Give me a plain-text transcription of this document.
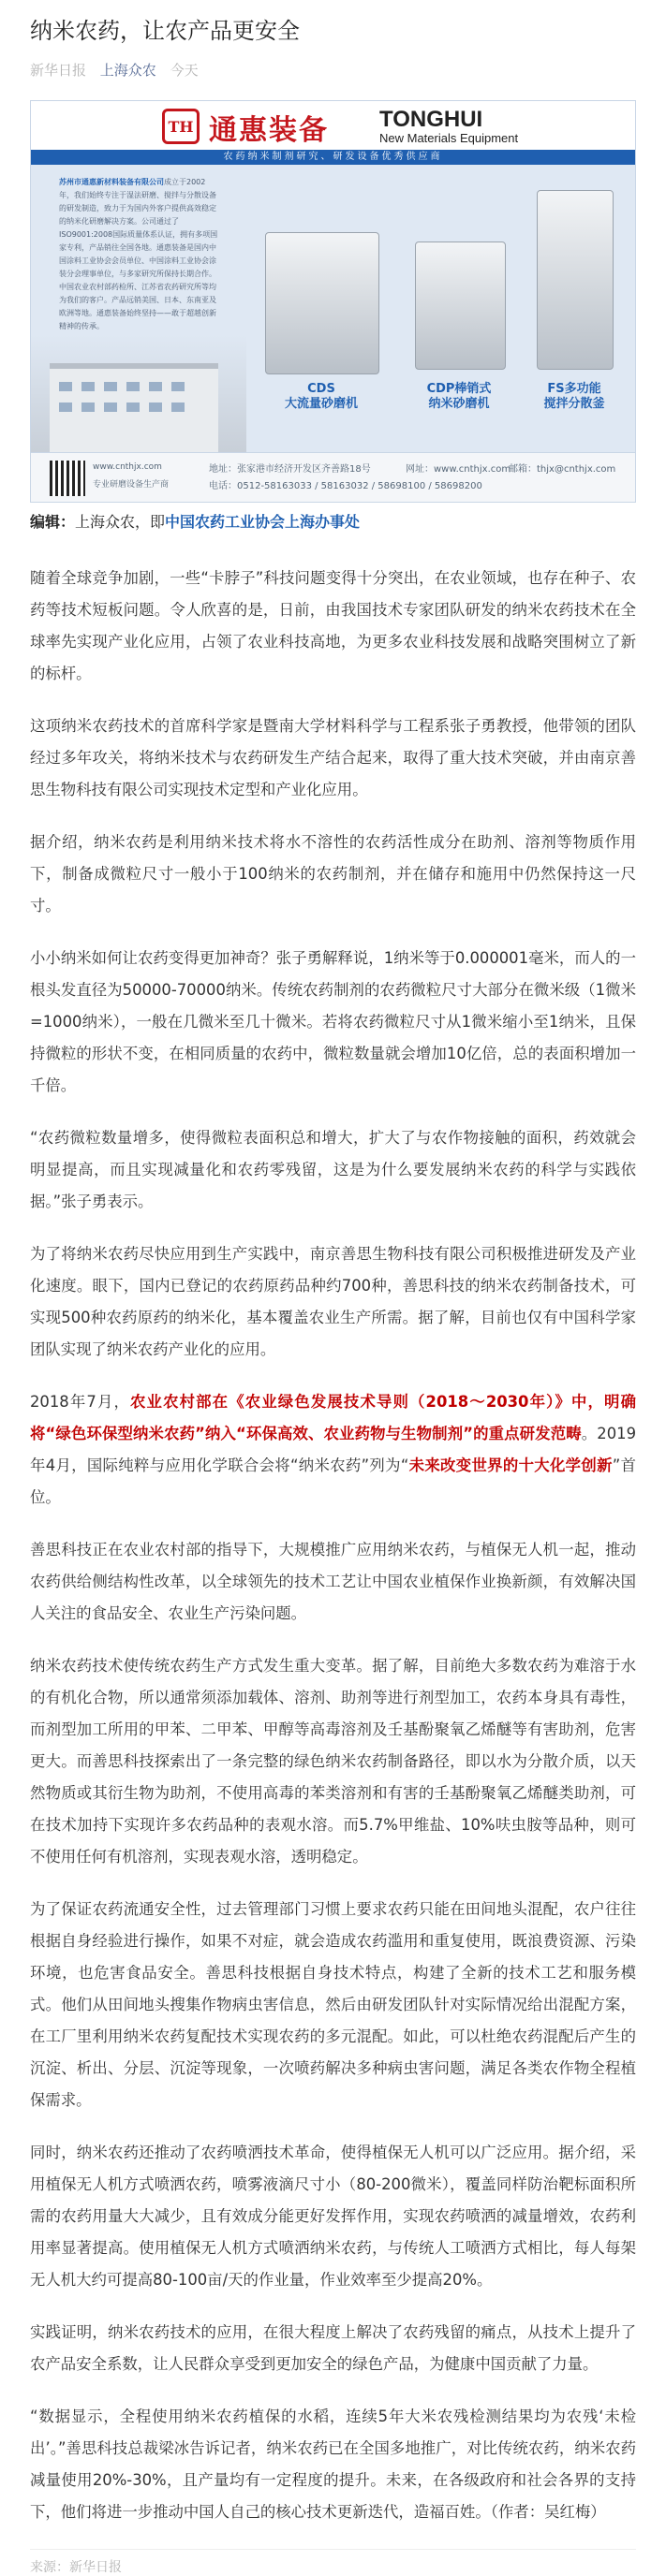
纳米农药，让农产品更安全
新华日报 上海众农 今天
TH 通惠装备 TONGHUI
New Materials Equipment
农药纳米制剂研究、研发设备优秀供应商
苏州市通惠新材料装备有限公司成立于2002年，我们始终专注于湿法研磨、搅拌与分散设备的研发制造，致力于为国内外客户提供高效稳定的纳米化研磨解决方案。公司通过了ISO9001:2008国际质量体系认证，拥有多项国家专利，产品销往全国各地。通惠装备是国内中国涂料工业协会会员单位、中国涂料工业协会涂装分会理事单位，与多家研究所保持长期合作。中国农业农村部药检所、江苏省农药研究所等均为我们的客户。产品远销美国、日本、东南亚及欧洲等地。通惠装备始终坚持——敢于超越创新精神的传承。
CDS
大流量砂磨机
CDP棒销式
纳米砂磨机
FS多功能
搅拌分散釜
www.cnthjx.com
专业研磨设备生产商
地址：张家港市经济开发区齐善路18号	网址：www.cnthjx.com
邮箱：thjx@cnthjx.com
电话：0512-58163033 / 58163032 / 58698100 / 58698200
编辑：上海众农，即中国农药工业协会上海办事处

随着全球竞争加剧，一些“卡脖子”科技问题变得十分突出，在农业领域，也存在种子、农药等技术短板问题。令人欣喜的是，日前，由我国技术专家团队研发的纳米农药技术在全球率先实现产业化应用，占领了农业科技高地，为更多农业科技发展和战略突围树立了新的标杆。

这项纳米农药技术的首席科学家是暨南大学材料科学与工程系张子勇教授，他带领的团队经过多年攻关，将纳米技术与农药研发生产结合起来，取得了重大技术突破，并由南京善思生物科技有限公司实现技术定型和产业化应用。

据介绍，纳米农药是利用纳米技术将水不溶性的农药活性成分在助剂、溶剂等物质作用下，制备成微粒尺寸一般小于100纳米的农药制剂，并在储存和施用中仍然保持这一尺寸。

小小纳米如何让农药变得更加神奇？张子勇解释说，1纳米等于0.000001毫米，而人的一根头发直径为50000-70000纳米。传统农药制剂的农药微粒尺寸大部分在微米级（1微米=1000纳米），一般在几微米至几十微米。若将农药微粒尺寸从1微米缩小至1纳米，且保持微粒的形状不变，在相同质量的农药中，微粒数量就会增加10亿倍，总的表面积增加一千倍。

“农药微粒数量增多，使得微粒表面积总和增大，扩大了与农作物接触的面积，药效就会明显提高，而且实现减量化和农药零残留，这是为什么要发展纳米农药的科学与实践依据。”张子勇表示。

为了将纳米农药尽快应用到生产实践中，南京善思生物科技有限公司积极推进研发及产业化速度。眼下，国内已登记的农药原药品种约700种，善思科技的纳米农药制备技术，可实现500种农药原药的纳米化，基本覆盖农业生产所需。据了解，目前也仅有中国科学家团队实现了纳米农药产业化的应用。

2018年7月，农业农村部在《农业绿色发展技术导则（2018～2030年）》中，明确将“绿色环保型纳米农药”纳入“环保高效、农业药物与生物制剂”的重点研发范畴。2019年4月，国际纯粹与应用化学联合会将“纳米农药”列为“未来改变世界的十大化学创新”首位。

善思科技正在农业农村部的指导下，大规模推广应用纳米农药，与植保无人机一起，推动农药供给侧结构性改革，以全球领先的技术工艺让中国农业植保作业换新颜，有效解决国人关注的食品安全、农业生产污染问题。

纳米农药技术使传统农药生产方式发生重大变革。据了解，目前绝大多数农药为难溶于水的有机化合物，所以通常须添加载体、溶剂、助剂等进行剂型加工，农药本身具有毒性，而剂型加工所用的甲苯、二甲苯、甲醇等高毒溶剂及壬基酚聚氧乙烯醚等有害助剂，危害更大。而善思科技探索出了一条完整的绿色纳米农药制备路径，即以水为分散介质，以天然物质或其衍生物为助剂，不使用高毒的苯类溶剂和有害的壬基酚聚氧乙烯醚类助剂，可在技术加持下实现许多农药品种的表观水溶。而5.7%甲维盐、10%呋虫胺等品种，则可不使用任何有机溶剂，实现表观水溶，透明稳定。

为了保证农药流通安全性，过去管理部门习惯上要求农药只能在田间地头混配，农户往往根据自身经验进行操作，如果不对症，就会造成农药滥用和重复使用，既浪费资源、污染环境，也危害食品安全。善思科技根据自身技术特点，构建了全新的技术工艺和服务模式。他们从田间地头搜集作物病虫害信息，然后由研发团队针对实际情况给出混配方案，在工厂里利用纳米农药复配技术实现农药的多元混配。如此，可以杜绝农药混配后产生的沉淀、析出、分层、沉淀等现象，一次喷药解决多种病虫害问题，满足各类农作物全程植保需求。

同时，纳米农药还推动了农药喷洒技术革命，使得植保无人机可以广泛应用。据介绍，采用植保无人机方式喷洒农药，喷雾液滴尺寸小（80-200微米），覆盖同样防治靶标面积所需的农药用量大大减少，且有效成分能更好发挥作用，实现农药喷洒的减量增效，农药利用率显著提高。使用植保无人机方式喷洒纳米农药，与传统人工喷洒方式相比，每人每架无人机大约可提高80-100亩/天的作业量，作业效率至少提高20%。

实践证明，纳米农药技术的应用，在很大程度上解决了农药残留的痛点，从技术上提升了农产品安全系数，让人民群众享受到更加安全的绿色产品，为健康中国贡献了力量。

“数据显示，全程使用纳米农药植保的水稻，连续5年大米农残检测结果均为农残‘未检出’。”善思科技总裁梁冰告诉记者，纳米农药已在全国多地推广，对比传统农药，纳米农药减量使用20%-30%，且产量均有一定程度的提升。未来，在各级政府和社会各界的支持下，他们将进一步推动中国人自己的核心技术更新迭代，造福百姓。（作者：吴红梅）

来源：新华日报
